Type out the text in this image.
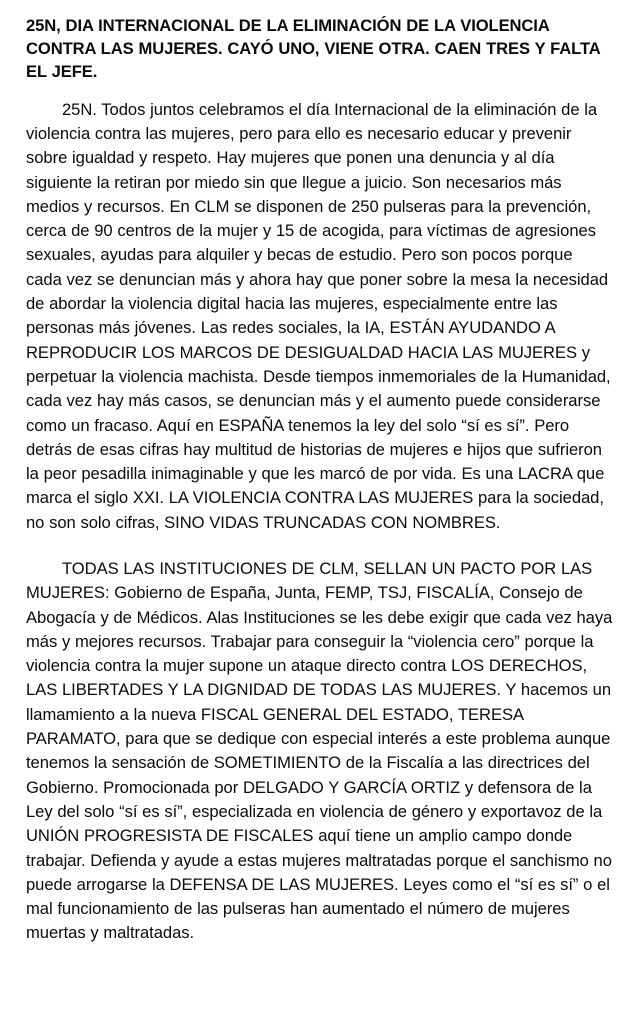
25N, DIA INTERNACIONAL DE LA ELIMINACIÓN DE LA VIOLENCIA CONTRA LAS MUJERES. CAYÓ UNO, VIENE OTRA. CAEN TRES Y FALTA EL JEFE.

25N. Todos juntos celebramos el día Internacional de la eliminación de la violencia contra las mujeres, pero para ello es necesario educar y prevenir sobre igualdad y respeto. Hay mujeres que ponen una denuncia y al día siguiente la retiran por miedo sin que llegue a juicio. Son necesarios más medios y recursos. En CLM se disponen de 250 pulseras para la prevención, cerca de 90 centros de la mujer y 15 de acogida, para víctimas de agresiones sexuales, ayudas para alquiler y becas de estudio. Pero son pocos porque cada vez se denuncian más y ahora hay que poner sobre la mesa la necesidad de abordar la violencia digital hacia las mujeres, especialmente entre las personas más jóvenes. Las redes sociales, la IA, ESTÁN AYUDANDO A REPRODUCIR LOS MARCOS DE DESIGUALDAD HACIA LAS MUJERES y perpetuar la violencia machista. Desde tiempos inmemoriales de la Humanidad, cada vez hay más casos, se denuncian más y el aumento puede considerarse como un fracaso. Aquí en ESPAÑA tenemos la ley del solo “sí es sí”. Pero detrás de esas cifras hay multitud de historias de mujeres e hijos que sufrieron la peor pesadilla inimaginable y que les marcó de por vida. Es una LACRA que marca el siglo XXI. LA VIOLENCIA CONTRA LAS MUJERES para la sociedad, no son solo cifras, SINO VIDAS TRUNCADAS CON NOMBRES.

TODAS LAS INSTITUCIONES DE CLM, SELLAN UN PACTO POR LAS MUJERES: Gobierno de España, Junta, FEMP, TSJ, FISCALÍA, Consejo de Abogacía y de Médicos. Alas Instituciones se les debe exigir que cada vez haya más y mejores recursos. Trabajar para conseguir la “violencia cero” porque la violencia contra la mujer supone un ataque directo contra LOS DERECHOS, LAS LIBERTADES Y LA DIGNIDAD DE TODAS LAS MUJERES. Y hacemos un llamamiento a la nueva FISCAL GENERAL DEL ESTADO, TERESA PARAMATO, para que se dedique con especial interés a este problema aunque tenemos la sensación de SOMETIMIENTO de la Fiscalía a las directrices del Gobierno. Promocionada por DELGADO Y GARCÍA ORTIZ y defensora de la Ley del solo “sí es sí”, especializada en violencia de género y exportavoz de la UNIÓN PROGRESISTA DE FISCALES aquí tiene un amplio campo donde trabajar. Defienda y ayude a estas mujeres maltratadas porque el sanchismo no puede arrogarse la DEFENSA DE LAS MUJERES. Leyes como el “sí es sí” o el mal funcionamiento de las pulseras han aumentado el número de mujeres muertas y maltratadas.
